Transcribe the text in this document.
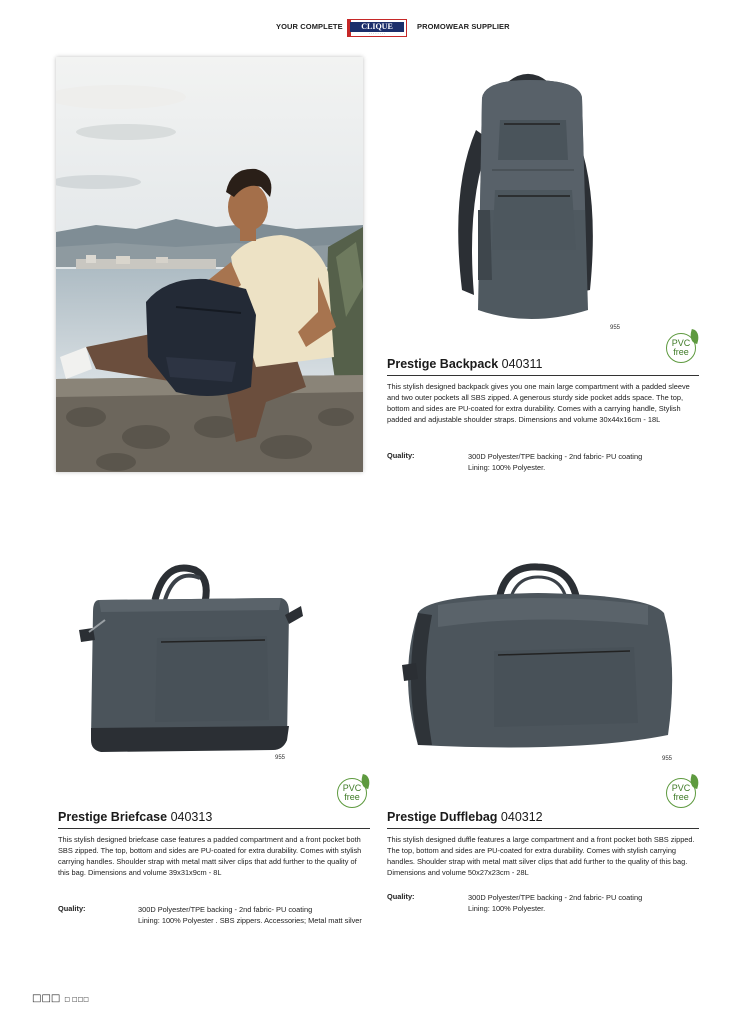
YOUR COMPLETE	CLIQUE
· · · · · · · ·
PROMOWEAR SUPPLIER
955
PVC
free
Prestige Backpack 040311
This stylish designed backpack gives you one main large compartment with a padded sleeve and two outer pockets all SBS zipped. A generous sturdy side pocket adds space. The top, bottom and sides are PU-coated for extra durability. Comes with a carrying handle, Stylish padded and adjustable shoulder straps. Dimensions and volume 30x44x16cm - 18L
Quality:	300D Polyester/TPE backing - 2nd fabric- PU coating
Lining: 100% Polyester.
955
PVC
free
Prestige Briefcase 040313
This stylish designed briefcase case features a padded compartment and a front pocket both SBS zipped. The top, bottom and sides are PU-coated for extra durability. Comes with stylish carrying handles. Shoulder strap with metal matt silver clips that add further to the quality of this bag. Dimensions and volume 39x31x9cm - 8L
Quality:	300D Polyester/TPE backing - 2nd fabric- PU coating
Lining: 100% Polyester . SBS zippers. Accessories; Metal matt silver
955
PVC
free
Prestige Dufflebag 040312
This stylish designed duffle features a large compartment and a front pocket both SBS zipped. The top, bottom and sides are PU-coated for extra durability. Comes with stylish carrying handles. Shoulder strap with metal matt silver clips that add further to the quality of this bag. Dimensions and volume 50x27x23cm - 28L
Quality:	300D Polyester/TPE backing - 2nd fabric- PU coating
Lining: 100% Polyester.
□□□ □ □□□
